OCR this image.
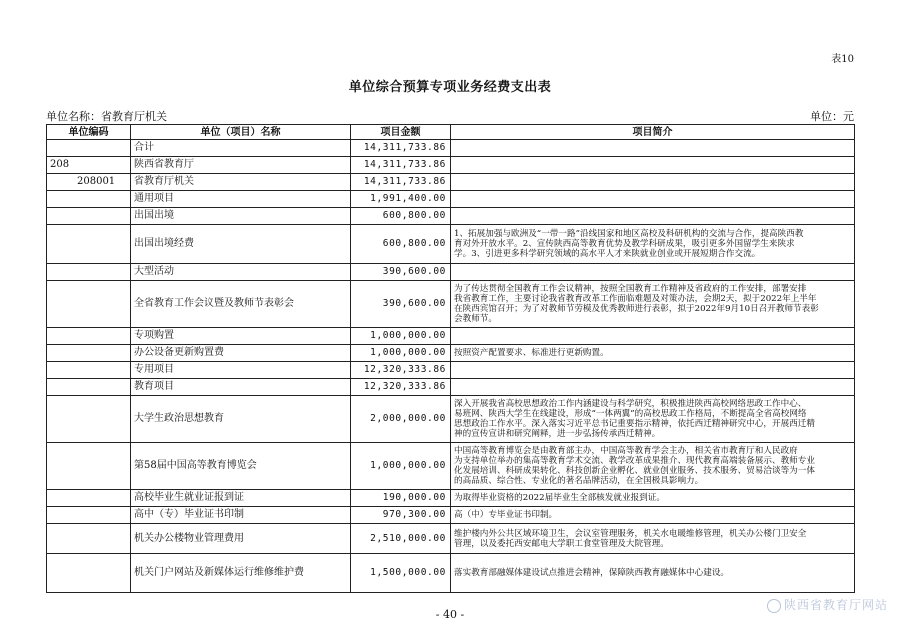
表10
单位综合预算专项业务经费支出表
单位名称：省教育厅机关	单位：元
单位编码	单位（项目）名称	项目金额	项目简介
	合计	14,311,733.86	
208	陕西省教育厅	14,311,733.86	
208001	省教育厅机关	14,311,733.86	
	通用项目	1,991,400.00	
	出国出境	600,800.00	
	出国出境经费	600,800.00	1、拓展加强与欧洲及“一带一路”沿线国家和地区高校及科研机构的交流与合作，提高陕西教
育对外开放水平。2、宣传陕西高等教育优势及教学科研成果，吸引更多外国留学生来陕求
学。3、引进更多科学研究领域的高水平人才来陕就业创业或开展短期合作交流。

	大型活动	390,600.00	
	全省教育工作会议暨及教师节表彰会	390,600.00	为了传达贯彻全国教育工作会议精神，按照全国教育工作精神及省政府的工作安排，部署安排
我省教育工作，主要讨论我省教育改革工作面临难题及对策办法，会期2天，拟于2022年上半年
在陕西宾馆召开；为了对教师节劳模及优秀教师进行表彰，拟于2022年9月10日召开教师节表彰
会教师节。

	专项购置	1,000,000.00	
	办公设备更新购置费	1,000,000.00	按照资产配置要求、标准进行更新购置。

	专用项目	12,320,333.86	
	教育项目	12,320,333.86	
	大学生政治思想教育	2,000,000.00	深入开展我省高校思想政治工作内涵建设与科学研究，积极推进陕西高校网络思政工作中心、
易班网、陕西大学生在线建设，形成“一体两翼”的高校思政工作格局，不断提高全省高校网络
思想政治工作水平。深入落实习近平总书记重要指示精神，依托西迁精神研究中心，开展西迁精
神的宣传宣讲和研究阐释，进一步弘扬传承西迁精神。

	第58届中国高等教育博览会	1,000,000.00	中国高等教育博览会是由教育部主办，中国高等教育学会主办，相关省市教育厅和人民政府
为支持单位举办的集高等教育学术交流、教学改革成果推介、现代教育高端装备展示、教师专业
化发展培训、科研成果转化、科技创新企业孵化、就业创业服务、技术服务、贸易洽谈等为一体
的高品质、综合性、专业化的著名品牌活动，在全国极具影响力。

	高校毕业生就业证报到证	190,000.00	为取得毕业资格的2022届毕业生全部核发就业报到证。

	高中（专）毕业证书印制	970,300.00	高（中）专毕业证书印制。

	机关办公楼物业管理费用	2,510,000.00	维护楼内外公共区域环境卫生，会议室管理服务，机关水电暖维修管理，机关办公楼门卫安全
管理，以及委托西安邮电大学职工食堂管理及大院管理。

	机关门户网站及新媒体运行维修维护费	1,500,000.00	落实教育部融媒体建设试点推进会精神，保障陕西教育融媒体中心建设。
- 40 -
陕西省教育厅网站
